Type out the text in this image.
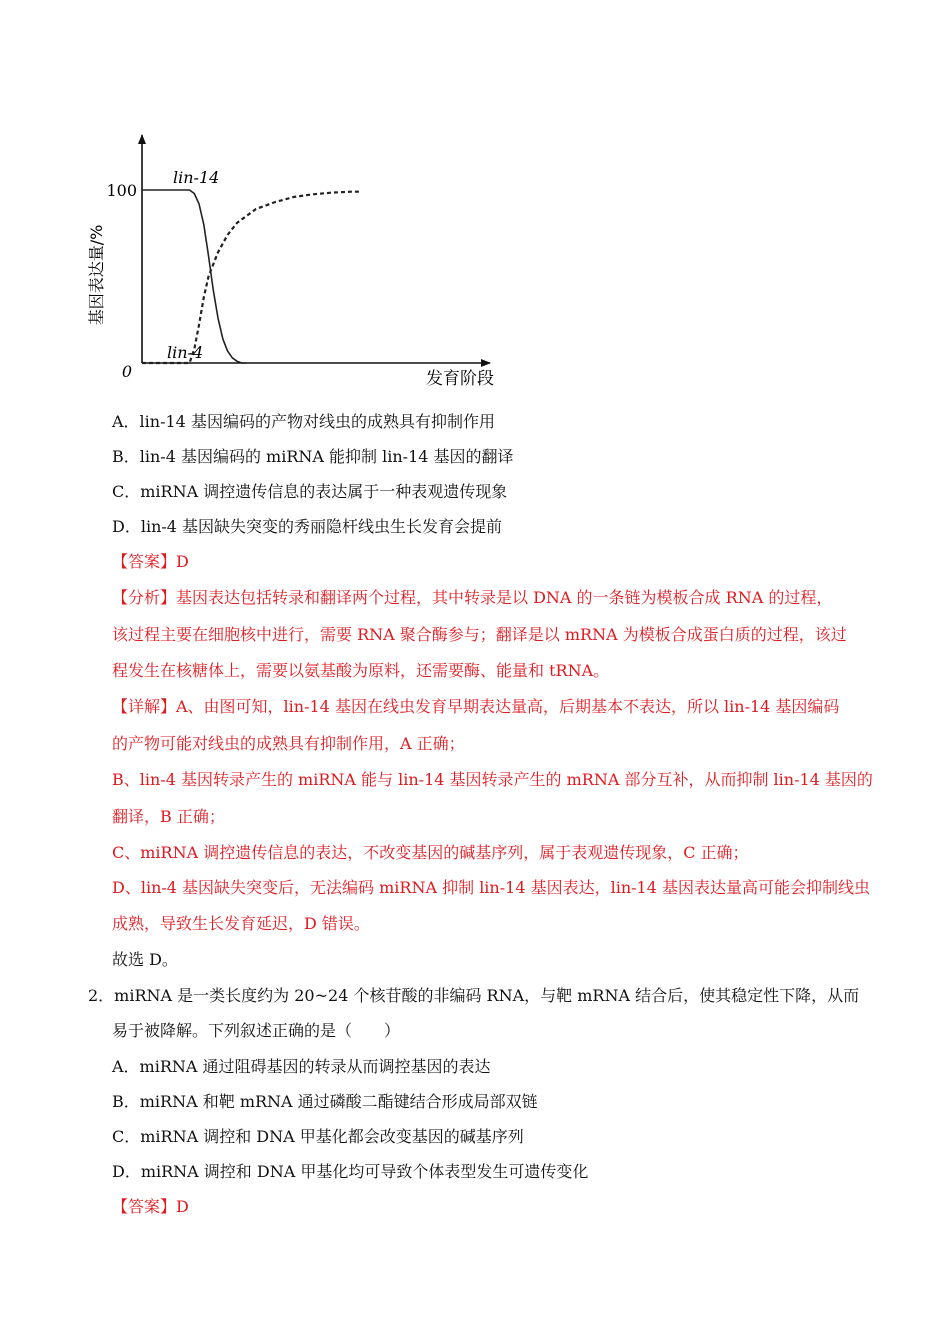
0
100
基因表达量/%
发育阶段
lin-14
lin-4
A．lin-14 基因编码的产物对线虫的成熟具有抑制作用
B．lin-4 基因编码的 miRNA 能抑制 lin-14 基因的翻译
C．miRNA 调控遗传信息的表达属于一种表观遗传现象
D．lin-4 基因缺失突变的秀丽隐杆线虫生长发育会提前
【答案】D
【分析】基因表达包括转录和翻译两个过程，其中转录是以 DNA 的一条链为模板合成 RNA 的过程，
该过程主要在细胞核中进行，需要 RNA 聚合酶参与；翻译是以 mRNA 为模板合成蛋白质的过程，该过
程发生在核糖体上，需要以氨基酸为原料，还需要酶、能量和 tRNA。
【详解】A、由图可知，lin-14 基因在线虫发育早期表达量高，后期基本不表达，所以 lin-14 基因编码
的产物可能对线虫的成熟具有抑制作用，A 正确；
B、lin-4 基因转录产生的 miRNA 能与 lin-14 基因转录产生的 mRNA 部分互补，从而抑制 lin-14 基因的
翻译，B 正确；
C、miRNA 调控遗传信息的表达，不改变基因的碱基序列，属于表观遗传现象，C 正确；
D、lin-4 基因缺失突变后，无法编码 miRNA 抑制 lin-14 基因表达，lin-14 基因表达量高可能会抑制线虫
成熟，导致生长发育延迟，D 错误。
故选 D。
2．miRNA 是一类长度约为 20~24 个核苷酸的非编码 RNA，与靶 mRNA 结合后，使其稳定性下降，从而
易于被降解。下列叙述正确的是（　　）
A．miRNA 通过阻碍基因的转录从而调控基因的表达
B．miRNA 和靶 mRNA 通过磷酸二酯键结合形成局部双链
C．miRNA 调控和 DNA 甲基化都会改变基因的碱基序列
D．miRNA 调控和 DNA 甲基化均可导致个体表型发生可遗传变化
【答案】D
